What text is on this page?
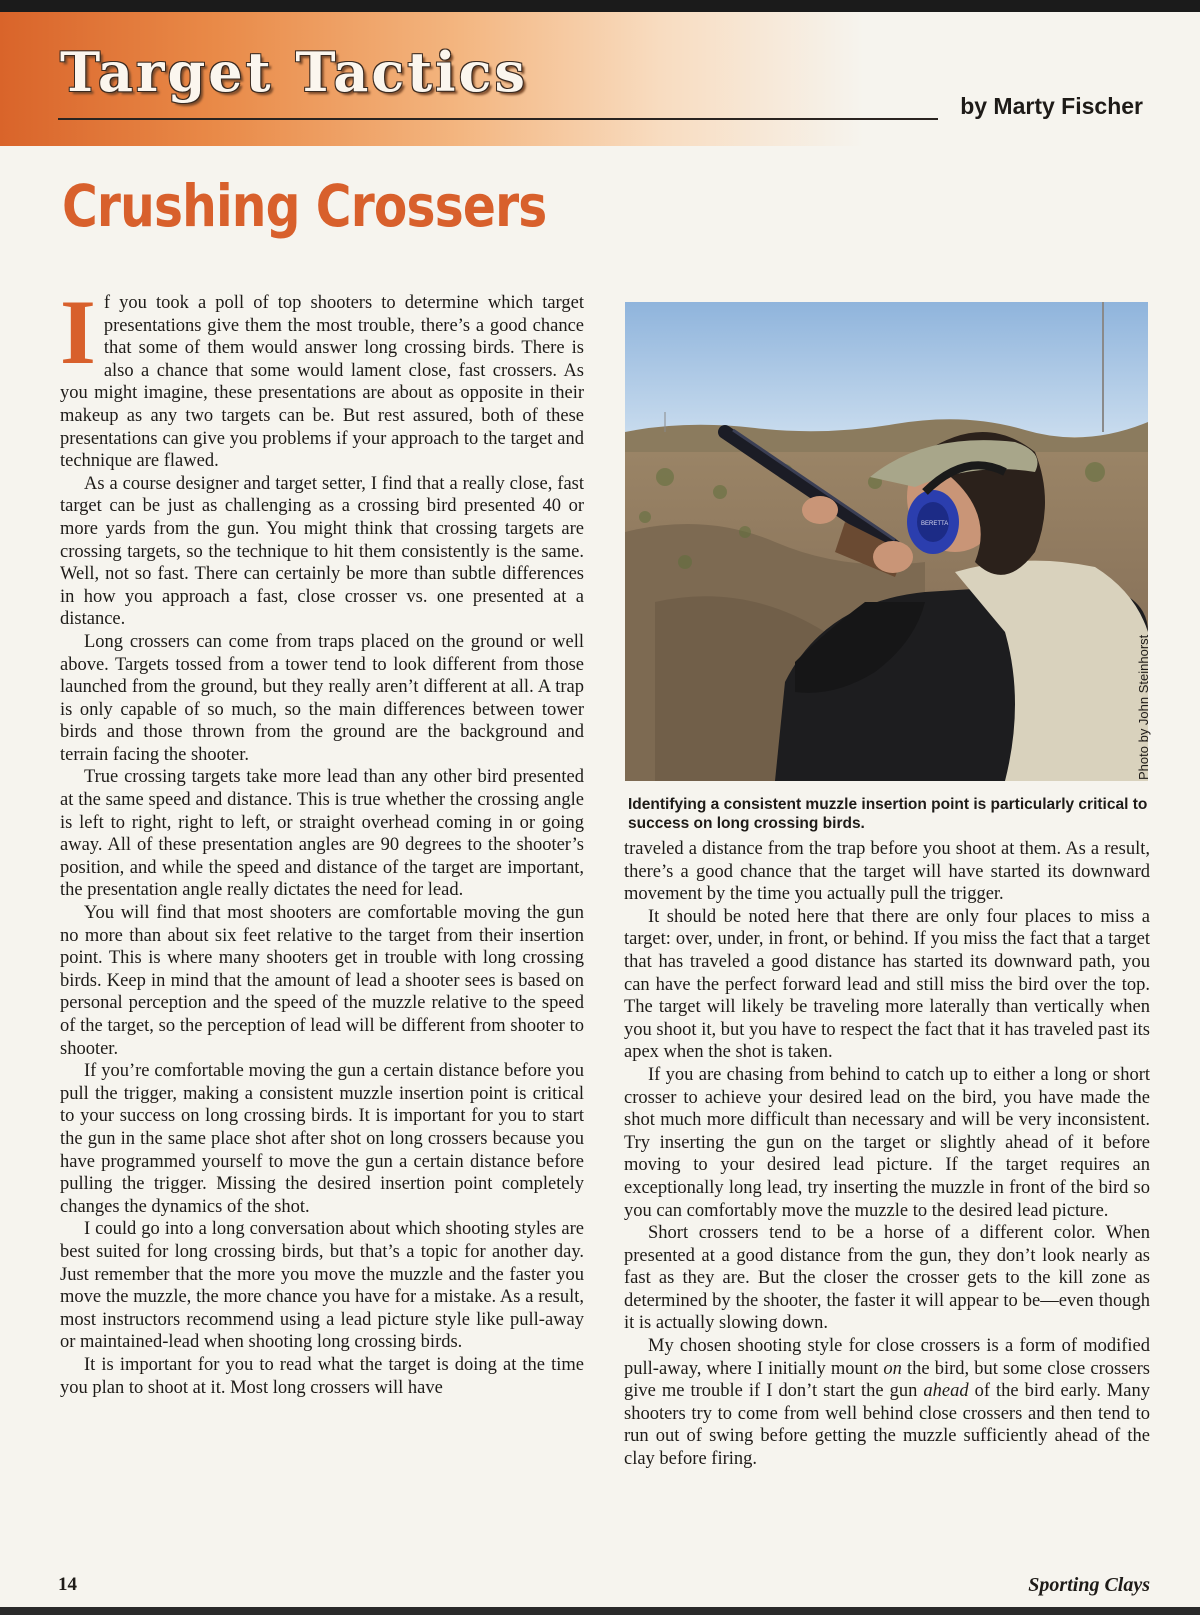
Target Tactics
by Marty Fischer
Crushing Crossers

If you took a poll of top shooters to determine which target presentations give them the most trouble, there’s a good chance that some of them would answer long crossing birds. There is also a chance that some would lament close, fast crossers. As you might imagine, these presentations are about as opposite in their makeup as any two targets can be. But rest assured, both of these presentations can give you problems if your approach to the target and technique are flawed.

As a course designer and target setter, I find that a really close, fast target can be just as challenging as a crossing bird presented 40 or more yards from the gun. You might think that crossing targets are crossing targets, so the technique to hit them consistently is the same. Well, not so fast. There can certainly be more than subtle differences in how you approach a fast, close crosser vs. one presented at a distance.

Long crossers can come from traps placed on the ground or well above. Targets tossed from a tower tend to look different from those launched from the ground, but they really aren’t different at all. A trap is only capable of so much, so the main differences between tower birds and those thrown from the ground are the background and terrain facing the shooter.

True crossing targets take more lead than any other bird presented at the same speed and distance. This is true whether the crossing angle is left to right, right to left, or straight overhead coming in or going away. All of these presentation angles are 90 degrees to the shooter’s position, and while the speed and distance of the target are important, the presentation angle really dictates the need for lead.

You will find that most shooters are comfortable moving the gun no more than about six feet relative to the target from their insertion point. This is where many shooters get in trouble with long crossing birds. Keep in mind that the amount of lead a shooter sees is based on personal perception and the speed of the muzzle relative to the speed of the target, so the perception of lead will be different from shooter to shooter.

If you’re comfortable moving the gun a certain distance before you pull the trigger, making a consistent muzzle insertion point is critical to your success on long crossing birds. It is important for you to start the gun in the same place shot after shot on long crossers because you have programmed yourself to move the gun a certain distance before pulling the trigger. Missing the desired insertion point completely changes the dynamics of the shot.

I could go into a long conversation about which shooting styles are best suited for long crossing birds, but that’s a topic for another day. Just remember that the more you move the muzzle and the faster you move the muzzle, the more chance you have for a mistake. As a result, most instructors recommend using a lead picture style like pull-away or maintained-lead when shooting long crossing birds.

It is important for you to read what the target is doing at the time you plan to shoot at it. Most long crossers will have

BERETTA
Photo by John Steinhorst
Identifying a consistent muzzle insertion point is particularly critical to success on long crossing birds.

traveled a distance from the trap before you shoot at them. As a result, there’s a good chance that the target will have started its downward movement by the time you actually pull the trigger.

It should be noted here that there are only four places to miss a target: over, under, in front, or behind. If you miss the fact that a target that has traveled a good distance has started its downward path, you can have the perfect forward lead and still miss the bird over the top. The target will likely be traveling more laterally than vertically when you shoot it, but you have to respect the fact that it has traveled past its apex when the shot is taken.

If you are chasing from behind to catch up to either a long or short crosser to achieve your desired lead on the bird, you have made the shot much more difficult than necessary and will be very inconsistent. Try inserting the gun on the target or slightly ahead of it before moving to your desired lead picture. If the target requires an exceptionally long lead, try inserting the muzzle in front of the bird so you can comfortably move the muzzle to the desired lead picture.

Short crossers tend to be a horse of a different color. When presented at a good distance from the gun, they don’t look nearly as fast as they are. But the closer the crosser gets to the kill zone as determined by the shooter, the faster it will appear to be—even though it is actually slowing down.

My chosen shooting style for close crossers is a form of modified pull-away, where I initially mount on the bird, but some close crossers give me trouble if I don’t start the gun ahead of the bird early. Many shooters try to come from well behind close crossers and then tend to run out of swing before getting the muzzle sufficiently ahead of the clay before firing.

14	Sporting Clays
